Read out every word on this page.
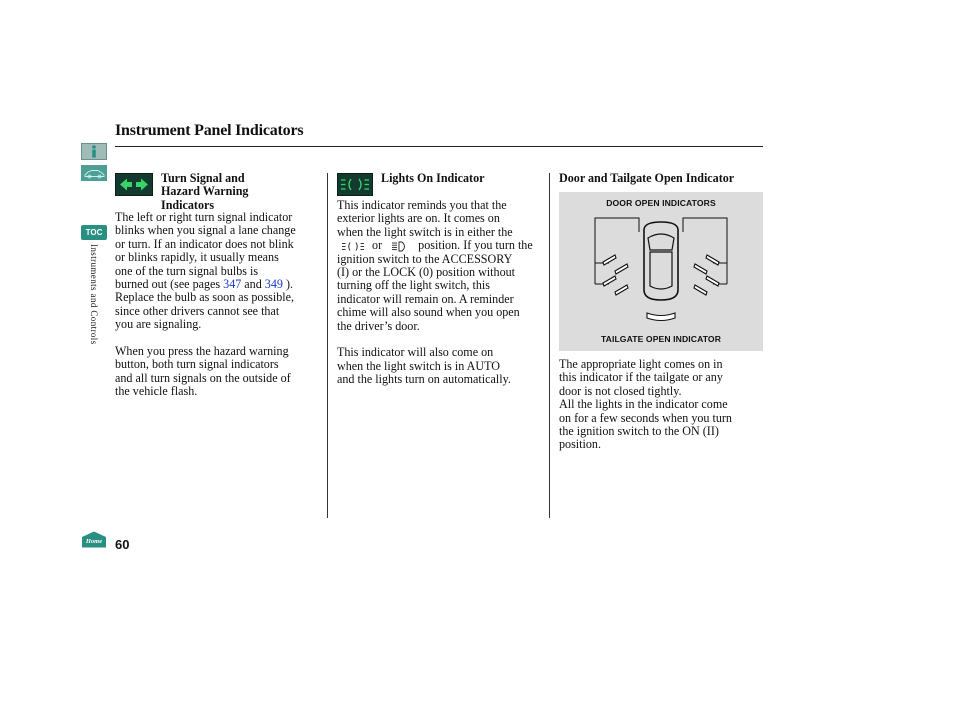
Instrument Panel Indicators
TOC
Instruments and Controls
Home 60
Turn Signal and
Hazard Warning
Indicators
The left or right turn signal indicator
blinks when you signal a lane change
or turn. If an indicator does not blink
or blinks rapidly, it usually means
one of the turn signal bulbs is
burned out (see pages 347 and 349 ).
Replace the bulb as soon as possible,
since other drivers cannot see that
you are signaling.
When you press the hazard warning
button, both turn signal indicators
and all turn signals on the outside of
the vehicle flash.
Lights On Indicator
This indicator reminds you that the
exterior lights are on. It comes on
when the light switch is in either the
or	position. If you turn the
ignition switch to the ACCESSORY
(I) or the LOCK (0) position without
turning off the light switch, this
indicator will remain on. A reminder
chime will also sound when you open
the driver’s door.
This indicator will also come on
when the light switch is in AUTO
and the lights turn on automatically.
Door and Tailgate Open Indicator
DOOR OPEN INDICATORS
TAILGATE OPEN INDICATOR
The appropriate light comes on in
this indicator if the tailgate or any
door is not closed tightly.
All the lights in the indicator come
on for a few seconds when you turn
the ignition switch to the ON (II)
position.
